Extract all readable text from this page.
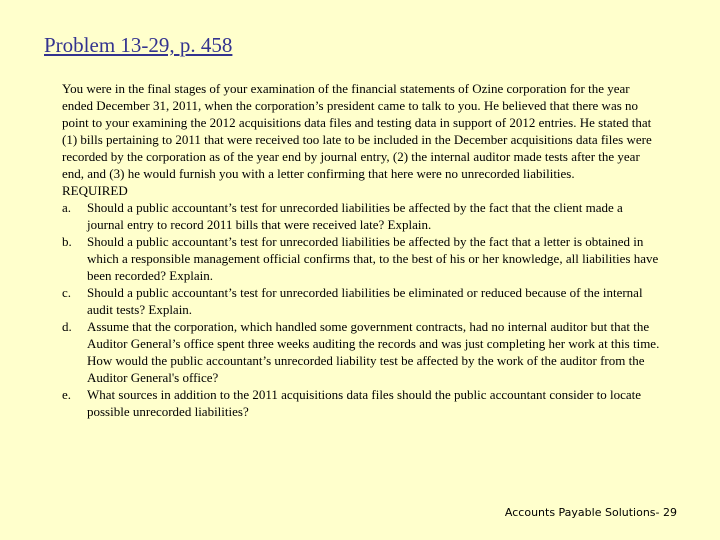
Problem 13-29, p. 458

You were in the final stages of your examination of the financial statements of Ozine corporation for the year ended December 31, 2011, when the corporation’s president came to talk to you. He believed that there was no point to your examining the 2012 acquisitions data files and testing data in support of 2012 entries. He stated that (1) bills pertaining to 2011 that were received too late to be included in the December acquisitions data files were recorded by the corporation as of the year end by journal entry, (2) the internal auditor made tests after the year end, and (3) he would furnish you with a letter confirming that here were no unrecorded liabilities.

REQUIRED

a.	Should a public accountant’s test for unrecorded liabilities be affected by the fact that the client made a journal entry to record 2011 bills that were received late? Explain.
b.	Should a public accountant’s test for unrecorded liabilities be affected by the fact that a letter is obtained in which a responsible management official confirms that, to the best of his or her knowledge, all liabilities have been recorded? Explain.
c.	Should a public accountant’s test for unrecorded liabilities be eliminated or reduced because of the internal audit tests? Explain.
d.	Assume that the corporation, which handled some government contracts, had no internal auditor but that the Auditor General’s office spent three weeks auditing the records and was just completing her work at this time. How would the public accountant’s unrecorded liability test be affected by the work of the auditor from the Auditor General's office?
e.	What sources in addition to the 2011 acquisitions data files should the public accountant consider to locate possible unrecorded liabilities?
Accounts Payable Solutions- 29
